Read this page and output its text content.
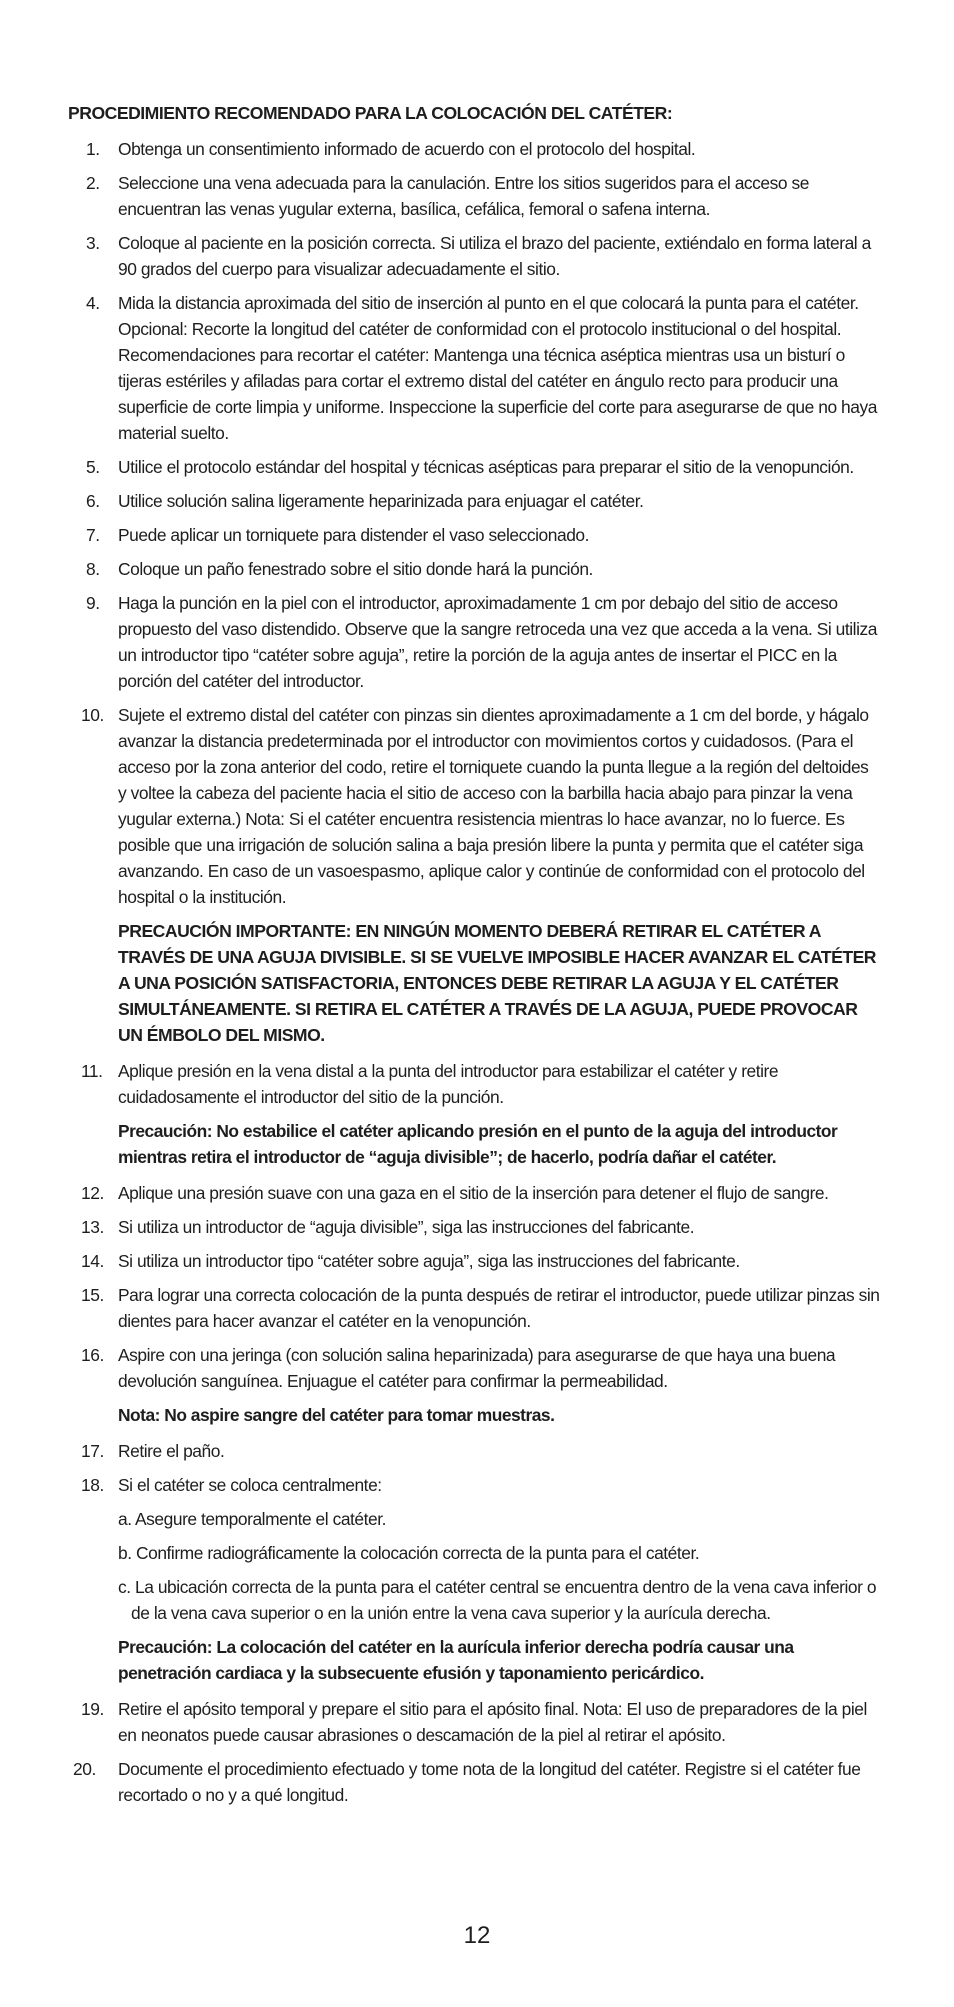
PROCEDIMIENTO RECOMENDADO PARA LA COLOCACIÓN DEL CATÉTER:
1. Obtenga un consentimiento informado de acuerdo con el protocolo del hospital.
2. Seleccione una vena adecuada para la canulación. Entre los sitios sugeridos para el acceso se encuentran las venas yugular externa, basílica, cefálica, femoral o safena interna.
3. Coloque al paciente en la posición correcta. Si utiliza el brazo del paciente, extiéndalo en forma lateral a 90 grados del cuerpo para visualizar adecuadamente el sitio.
4. Mida la distancia aproximada del sitio de inserción al punto en el que colocará la punta para el catéter. Opcional: Recorte la longitud del catéter de conformidad con el protocolo institucional o del hospital. Recomendaciones para recortar el catéter: Mantenga una técnica aséptica mientras usa un bisturí o tijeras estériles y afiladas para cortar el extremo distal del catéter en ángulo recto para producir una superficie de corte limpia y uniforme. Inspeccione la superficie del corte para asegurarse de que no haya material suelto.
5. Utilice el protocolo estándar del hospital y técnicas asépticas para preparar el sitio de la venopunción.
6. Utilice solución salina ligeramente heparinizada para enjuagar el catéter.
7. Puede aplicar un torniquete para distender el vaso seleccionado.
8. Coloque un paño fenestrado sobre el sitio donde hará la punción.
9. Haga la punción en la piel con el introductor, aproximadamente 1 cm por debajo del sitio de acceso propuesto del vaso distendido. Observe que la sangre retroceda una vez que acceda a la vena. Si utiliza un introductor tipo “catéter sobre aguja”, retire la porción de la aguja antes de insertar el PICC en la porción del catéter del introductor.
10. Sujete el extremo distal del catéter con pinzas sin dientes aproximadamente a 1 cm del borde, y hágalo avanzar la distancia predeterminada por el introductor con movimientos cortos y cuidadosos. (Para el acceso por la zona anterior del codo, retire el torniquete cuando la punta llegue a la región del deltoides y voltee la cabeza del paciente hacia el sitio de acceso con la barbilla hacia abajo para pinzar la vena yugular externa.) Nota: Si el catéter encuentra resistencia mientras lo hace avanzar, no lo fuerce. Es posible que una irrigación de solución salina a baja presión libere la punta y permita que el catéter siga avanzando. En caso de un vasoespasmo, aplique calor y continúe de conformidad con el protocolo del hospital o la institución.
PRECAUCIÓN IMPORTANTE: EN NINGÚN MOMENTO DEBERÁ RETIRAR EL CATÉTER A TRAVÉS DE UNA AGUJA DIVISIBLE. SI SE VUELVE IMPOSIBLE HACER AVANZAR EL CATÉTER A UNA POSICIÓN SATISFACTORIA, ENTONCES DEBE RETIRAR LA AGUJA Y EL CATÉTER SIMULTÁNEAMENTE. SI RETIRA EL CATÉTER A TRAVÉS DE LA AGUJA, PUEDE PROVOCAR UN ÉMBOLO DEL MISMO.
11. Aplique presión en la vena distal a la punta del introductor para estabilizar el catéter y retire cuidadosamente el introductor del sitio de la punción.
Precaución: No estabilice el catéter aplicando presión en el punto de la aguja del introductor mientras retira el introductor de “aguja divisible”; de hacerlo, podría dañar el catéter.
12. Aplique una presión suave con una gaza en el sitio de la inserción para detener el flujo de sangre.
13. Si utiliza un introductor de “aguja divisible”, siga las instrucciones del fabricante.
14. Si utiliza un introductor tipo “catéter sobre aguja”, siga las instrucciones del fabricante.
15. Para lograr una correcta colocación de la punta después de retirar el introductor, puede utilizar pinzas sin dientes para hacer avanzar el catéter en la venopunción.
16. Aspire con una jeringa (con solución salina heparinizada) para asegurarse de que haya una buena devolución sanguínea. Enjuague el catéter para confirmar la permeabilidad.
Nota: No aspire sangre del catéter para tomar muestras.
17. Retire el paño.
18. Si el catéter se coloca centralmente:
a. Asegure temporalmente el catéter.
b. Confirme radiográficamente la colocación correcta de la punta para el catéter.
c. La ubicación correcta de la punta para el catéter central se encuentra dentro de la vena cava inferior o de la vena cava superior o en la unión entre la vena cava superior y la aurícula derecha.
Precaución: La colocación del catéter en la aurícula inferior derecha podría causar una penetración cardiaca y la subsecuente efusión y taponamiento pericárdico.
19. Retire el apósito temporal y prepare el sitio para el apósito final. Nota: El uso de preparadores de la piel en neonatos puede causar abrasiones o descamación de la piel al retirar el apósito.
20. Documente el procedimiento efectuado y tome nota de la longitud del catéter. Registre si el catéter fue recortado o no y a qué longitud.
12
